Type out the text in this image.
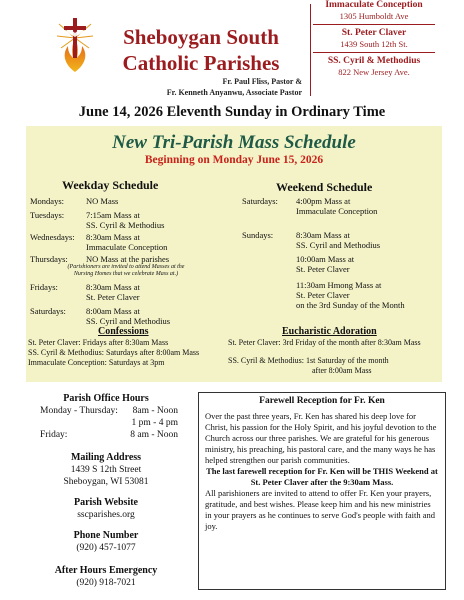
Sheboygan South
Catholic Parishes
Fr. Paul Fliss, Pastor &
Fr. Kenneth Anyanwu, Associate Pastor
Immaculate Conception
1305 Humboldt Ave
St. Peter Claver
1439 South 12th St.
SS. Cyril & Methodius
822 New Jersey Ave.
June 14, 2026 Eleventh Sunday in Ordinary Time
New Tri-Parish Mass Schedule
Beginning on Monday June 15, 2026
Weekday Schedule	Weekend Schedule
Mondays:	NO Mass
Tuesdays:	7:15am Mass at
SS. Cyril & Methodius
Wednesdays: 8:30am Mass at
Immaculate Conception
Thursdays: NO Mass at the parishes
(Parishioners are invited to attend Masses at the
Nursing Homes that we celebrate Mass at.)
Fridays:	8:30am Mass at
St. Peter Claver
Saturdays: 8:00am Mass at
SS. Cyril and Methodius
Saturdays: 4:00pm Mass at
Immaculate Conception
Sundays:	8:30am Mass at
SS. Cyril and Methodius
10:00am Mass at
St. Peter Claver
11:30am Hmong Mass at
St. Peter Claver
on the 3rd Sunday of the Month
Confessions
St. Peter Claver: Fridays after 8:30am Mass
SS. Cyril & Methodius: Saturdays after 8:00am Mass
Immaculate Conception: Saturdays at 3pm
Eucharistic Adoration
St. Peter Claver: 3rd Friday of the month after 8:30am Mass
SS. Cyril & Methodius: 1st Saturday of the month
after 8:00am Mass
Parish Office Hours
Monday - Thursday: 8am - Noon
1 pm - 4 pm
Friday:	8 am - Noon
Mailing Address
1439 S 12th Street
Sheboygan, WI 53081
Parish Website
sscparishes.org
Phone Number
(920) 457-1077
After Hours Emergency
(920) 918-7021
Farewell Reception for Fr. Ken
Over the past three years, Fr. Ken has shared his deep love for Christ, his passion for the Holy Spirit, and his joyful devotion to the Church across our three parishes. We are grateful for his generous ministry, his preaching, his pastoral care, and the many ways he has helped strengthen our parish communities.
The last farewell reception for Fr. Ken will be THIS Weekend at St. Peter Claver after the 9:30am Mass.
All parishioners are invited to attend to offer Fr. Ken your prayers, gratitude, and best wishes. Please keep him and his new ministries in your prayers as he continues to serve God's people with faith and joy.
